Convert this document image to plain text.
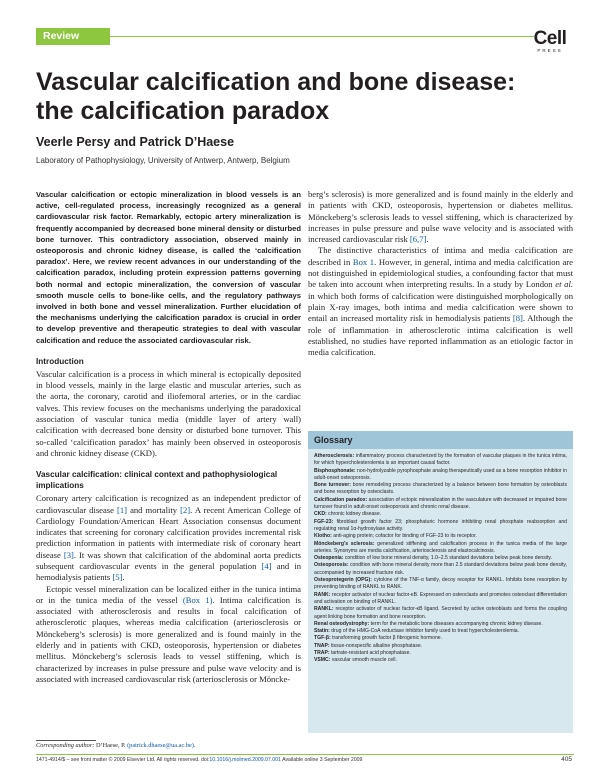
Review	Cell
PRESS
Vascular calcification and bone disease: the calcification paradox
Veerle Persy and Patrick D’Haese
Laboratory of Pathophysiology, University of Antwerp, Antwerp, Belgium

Vascular calcification or ectopic mineralization in blood vessels is an active, cell-regulated process, increasingly recognized as a general cardiovascular risk factor. Remarkably, ectopic artery mineralization is frequently accompanied by decreased bone mineral density or disturbed bone turnover. This contradictory association, observed mainly in osteoporosis and chronic kidney disease, is called the ‘calcification paradox’. Here, we review recent advances in our understanding of the calcification paradox, including protein expression patterns governing both normal and ectopic mineralization, the conversion of vascular smooth muscle cells to bone-like cells, and the regulatory pathways involved in both bone and vessel mineralization. Further elucidation of the mechanisms underlying the calcification paradox is crucial in order to develop preventive and therapeutic strategies to deal with vascular calcification and reduce the associated cardiovascular risk.

Introduction

Vascular calcification is a process in which mineral is ectopically deposited in blood vessels, mainly in the large elastic and muscular arteries, such as the aorta, the coronary, carotid and iliofemoral arteries, or in the cardiac valves. This review focuses on the mechanisms underlying the paradoxical association of vascular tunica media (middle layer of artery wall) calcification with decreased bone density or disturbed bone turnover. This so-called ‘calcification paradox’ has mainly been observed in osteoporosis and chronic kidney disease (CKD).

Vascular calcification: clinical context and pathophysiological implications

Coronary artery calcification is recognized as an independent predictor of cardiovascular disease [1] and mortality [2]. A recent American College of Cardiology Foundation/American Heart Association consensus document indicates that screening for coronary calcification provides incremental risk prediction information in patients with intermediate risk of coronary heart disease [3]. It was shown that calcification of the abdominal aorta predicts subsequent cardiovascular events in the general population [4] and in hemodialysis patients [5].

Ectopic vessel mineralization can be localized either in the tunica intima or in the tunica media of the vessel (Box 1). Intima calcification is associated with atherosclerosis and results in focal calcification of atherosclerotic plaques, whereas media calcification (arteriosclerosis or Mönckeberg’s sclerosis) is more generalized and is found mainly in the elderly and in patients with CKD, osteoporosis, hypertension or diabetes mellitus. Mönckeberg’s sclerosis leads to vessel stiffening, which is characterized by increases in pulse pressure and pulse wave velocity and is associated with increased cardiovascular risk (arteriosclerosis or Möncke-

berg’s sclerosis) is more generalized and is found mainly in the elderly and in patients with CKD, osteoporosis, hypertension or diabetes mellitus. Mönckeberg’s sclerosis leads to vessel stiffening, which is characterized by increases in pulse pressure and pulse wave velocity and is associated with increased cardiovascular risk [6,7].

The distinctive characteristics of intima and media calcification are described in Box 1. However, in general, intima and media calcification are not distinguished in epidemiological studies, a confounding factor that must be taken into account when interpreting results. In a study by London et al. in which both forms of calcification were distinguished morphologically on plain X-ray images, both intima and media calcification were shown to entail an increased mortality risk in hemodialysis patients [8]. Although the role of inflammation in atherosclerotic intima calcification is well established, no studies have reported inflammation as an etiologic factor in media calcification.

Glossary
Atherosclerosis: inflammatory process characterized by the formation of vascular plaques in the tunica intima, for which hypercholesterolemia is an important causal factor.
Bisphosphonate: non-hydrolyzable pyrophosphate analog therapeutically used as a bone resorption inhibitor in adult-onset osteoporosis.
Bone turnover: bone remodeling process characterized by a balance between bone formation by osteoblasts and bone resorption by osteoclasts.
Calcification paradox: association of ectopic mineralization in the vasculature with decreased or impaired bone turnover found in adult-onset osteoporosis and chronic renal disease.
CKD: chronic kidney disease.
FGF-23: fibroblast growth factor 23; phosphaturic hormone inhibiting renal phosphate reabsorption and regulating renal 1α-hydroxylase activity.
Klotho: anti-aging protein; cofactor for binding of FGF-23 to its receptor.
Mönckeberg’s sclerosis: generalized stiffening and calcification process in the tunica media of the large arteries. Synonyms are media calcification, arteriosclerosis and elastocalcinosis.
Osteopenia: condition of low bone mineral density, 1.0–2.5 standard deviations below peak bone density.
Osteoporosis: condition with bone mineral density more than 2.5 standard deviations below peak bone density, accompanied by increased fracture risk.
Osteoprotegerin (OPG): cytokine of the TNF-α family, decoy receptor for RANKL. Inhibits bone resorption by preventing binding of RANKL to RANK.
RANK: receptor activator of nuclear factor-κB. Expressed on osteoclasts and promotes osteoclast differentiation and activation on binding of RANKL.
RANKL: receptor activator of nuclear factor-κB ligand. Secreted by active osteoblasts and forms the coupling agent linking bone formation and bone resorption.
Renal osteodystrophy: term for the metabolic bone diseases accompanying chronic kidney disease.
Statin: drug of the HMG-CoA reductase inhibitor family used to treat hypercholesterolemia.
TGF-β: transforming growth factor β fibrogenic hormone.
TNAP: tissue-nonspecific alkaline phosphatase.
TRAP: tartrate-resistant acid phosphatase.
VSMC: vascular smooth muscle cell.
Corresponding author: D’Haese, P. (patrick.dhaese@ua.ac.be).
1471-4914/$ – see front matter © 2009 Elsevier Ltd. All rights reserved. doi:10.1016/j.molmed.2009.07.001 Available online 3 September 2009	405
